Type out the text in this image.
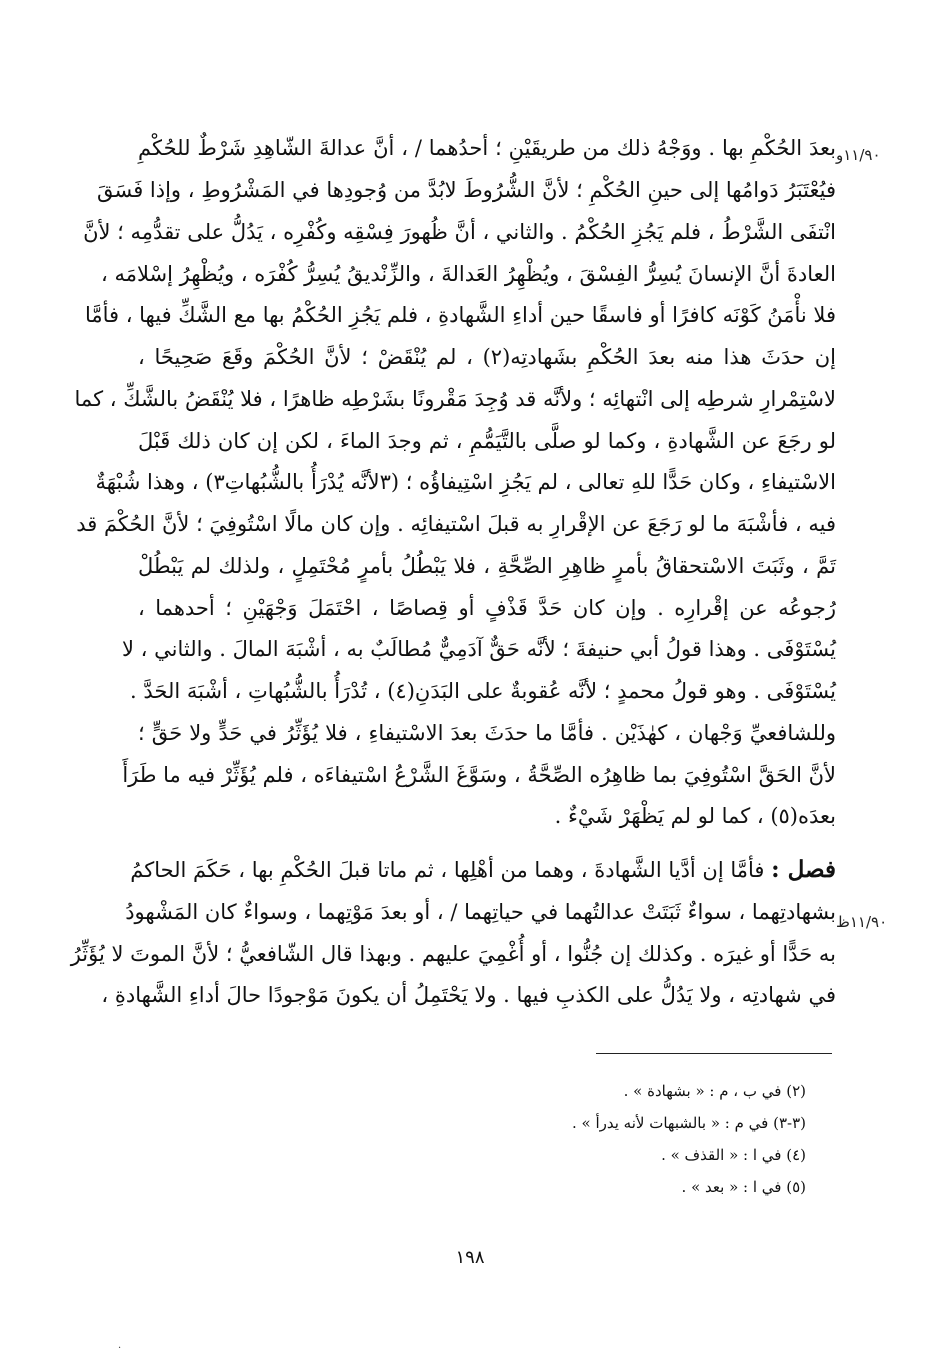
١١/٩٠و
١١/٩٠ظ
بعدَ الحُكْمِ بها . ووَجْهُ ذلك من طريقَيْنِ ؛ أحدُهما / ، أنَّ عدالةَ الشّاهِدِ شَرْطٌ للحُكْمِ
فيُعْتَبَرُ دَوامُها إلى حينِ الحُكْمِ ؛ لأنَّ الشُّرُوطَ لابُدَّ من وُجودِها في المَشْرُوطِ ، وإذا فَسَقَ
انْتفَى الشَّرْطُ ، فلم يَجُزِ الحُكْمُ . والثاني ، أنَّ ظُهورَ فِسْقِه وكُفْرِه ، يَدُلُّ على تقدُّمِه ؛ لأنَّ
العادةَ أنَّ الإنسانَ يُسِرُّ الفِسْقَ ، ويُظْهِرُ العَدالةَ ، والزِّنْديقُ يُسِرُّ كُفْرَه ، ويُظْهِرُ إسْلامَه ،
فلا نأْمَنُ كَوْنَه كافرًا أو فاسقًا حين أداءِ الشَّهادةِ ، فلم يَجُزِ الحُكْمُ بها مع الشَّكِّ فيها ، فأمَّا
إن حدَثَ هذا منه بعدَ الحُكْمِ بشَهادتِه(٢) ، لم يُنْقَضْ ؛ لأنَّ الحُكْمَ وقَعَ صَحِيحًا ،
لاسْتِمْرارِ شرطِه إلى انْتهائِه ؛ ولأنَّه قد وُجِدَ مَقْرونًا بشَرْطِه ظاهرًا ، فلا يُنْقَضُ بالشَّكِّ ، كما
لو رجَعَ عن الشَّهادةِ ، وكما لو صلَّى بالتَّيَمُّمِ ، ثم وجدَ الماءَ ، لكن إن كان ذلك قَبْلَ
الاسْتيفاءِ ، وكان حَدًّا للهِ تعالى ، لم يَجُزِ اسْتِيفاؤُه ؛ (٣لأنَّه يُدْرَأُ بالشُّبُهاتِ٣) ، وهذا شُبْهَةٌ
فيه ، فأشْبَهَ ما لو رَجَعَ عن الإقْرارِ به قبلَ اسْتيفائِه . وإن كان مالًا اسْتُوفِيَ ؛ لأنَّ الحُكْمَ قد
تَمَّ ، وثَبَتَ الاسْتحقاقُ بأمرٍ ظاهِرِ الصِّحَّةِ ، فلا يَبْطُلُ بأمرٍ مُحْتَمِلٍ ، ولذلك لم يَبْطُلْ
رُجوعُه عن إقْرارِه . وإن كان حَدَّ قَذْفٍ أو قِصاصًا ، احْتَمَلَ وَجْهَيْنِ ؛ أحدهما ،
يُسْتَوْفَى . وهذا قولُ أبي حنيفةَ ؛ لأنَّه حَقٌّ آدَمِيٌّ مُطالَبٌ به ، أشْبَهَ المالَ . والثاني ، لا
يُسْتَوْفَى . وهو قولُ محمدٍ ؛ لأنَّه عُقوبةٌ على البَدَنِ(٤) ، تُدْرَأُ بالشُّبُهاتِ ، أشْبَهَ الحَدَّ .
وللشافعيِّ وَجْهان ، كهٰذَيْن . فأمَّا ما حدَثَ بعدَ الاسْتيفاءِ ، فلا يُؤَثِّرُ في حَدٍّ ولا حَقٍّ ؛
لأنَّ الحَقَّ اسْتُوفِيَ بما ظاهِرُه الصِّحَّةُ ، وسَوَّغَ الشَّرْعُ اسْتيفاءَه ، فلم يُؤَثِّرْ فيه ما طَرَأَ
بعدَه(٥) ، كما لو لم يَظْهَرْ شَيْءٌ .
فصل : فأمَّا إن أدَّيا الشَّهادةَ ، وهما من أهْلِها ، ثم ماتا قبلَ الحُكْمِ بها ، حَكَمَ الحاكمُ
بشهادتِهما ، سواءٌ ثَبَتَتْ عدالتُهما في حياتِهما / ، أو بعدَ مَوْتِهما ، وسواءٌ كان المَشْهودُ
به حَدًّا أو غيرَه . وكذلك إن جُنُّوا ، أو أُغْمِيَ عليهم . وبهذا قال الشّافعيُّ ؛ لأنَّ الموتَ لا يُؤَثِّرُ
في شهادتِه ، ولا يَدُلُّ على الكذبِ فيها . ولا يَحْتَمِلُ أن يكونَ مَوْجودًا حالَ أداءِ الشَّهادةِ ،
(٢) في ب ، م : « بشهادة » .
(٣-٣) في م : « بالشبهات لأنه يدرأ » .
(٤) في ا : « القذف » .
(٥) في ا : « بعد » .
١٩٨
·
